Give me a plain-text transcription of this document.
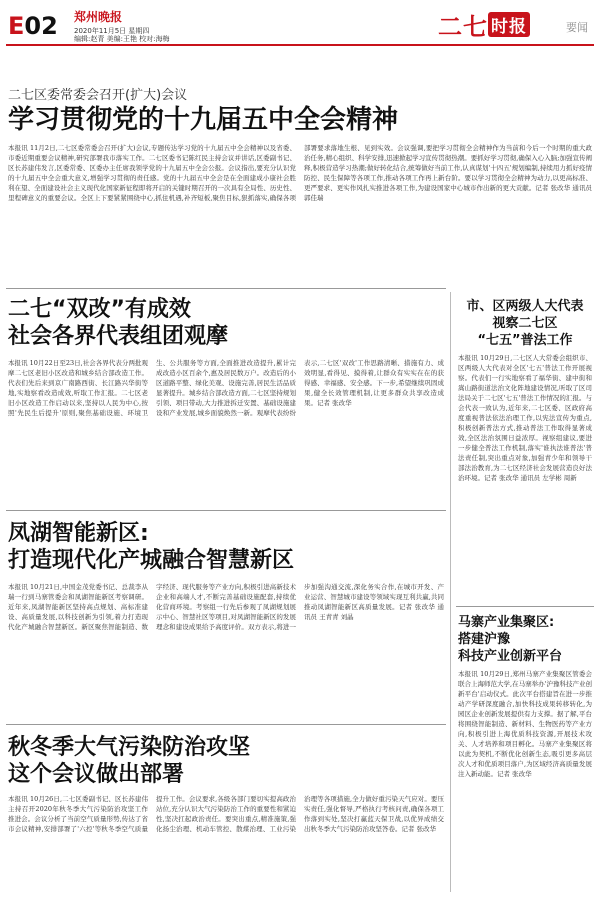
E02 郑州晚报
2020年11月5日 星期四
编辑:赵青 美编:王艳 校对:海梅	二七 时报	要闻
二七区委常委会召开(扩大)会议
学习贯彻党的十九届五中全会精神
本报讯 11月2日,二七区委常委会召开(扩大)会议,专题传达学习党的十九届五中全会精神以及省委、市委近期重要会议精神,研究部署我市落实工作。二七区委书记陈红民主持会议并讲话,区委副书记、区长苏建伟发言,区委常委、区委办主任席我领学党的十九届五中全会公报。会议指出,要充分认识党的十九届五中全会重大意义,增强学习贯彻的责任感。党的十九届五中全会是在全面建成小康社会胜利在望、全面建设社会主义现代化国家新征程即将开启的关键时期召开的一次具有全局性、历史性、里程碑意义的重要会议。全区上下要紧紧围绕中心,抓住机遇,补齐短板,聚焦目标,狠抓落实,确保各项部署要求落地生根、见到实效。会议强调,要把学习贯彻全会精神作为当前和今后一个时期的重大政治任务,精心组织、科学安排,迅速掀起学习宣传贯彻热潮。要抓好学习贯彻,确保入心入脑;加强宣传阐释,积极营造学习热潮;做好转化结合,统筹做好当前工作,认真谋划'十四五'规划编制,持续用力抓好疫情防控、民生保障等各项工作,推动各项工作再上新台阶。要以学习贯彻全会精神为动力,以更高标准、更严要求、更实作风扎实推进各项工作,为建设国家中心城市作出新的更大贡献。记者 张改华 通讯员 郭佳瑞
二七“双改”有成效
社会各界代表组团观摩
本报讯 10月22日至23日,社会各界代表分两批观摩二七区老旧小区改造和城乡结合部改造工作。代表们先后来到京广南路西街、长江路兴华街等地,实地察看改造成效,听取工作汇报。二七区老旧小区改造工作启动以来,坚持以人民为中心,按照'先民生后提升'原则,聚焦基础设施、环境卫生、公共服务等方面,全面推进改造提升,累计完成改造小区百余个,惠及居民数万户。改造后的小区道路平整、绿化美观、设施完善,居民生活品质显著提升。城乡结合部改造方面,二七区坚持规划引领、项目带动,大力推进拆迁安置、基础设施建设和产业发展,城乡面貌焕然一新。观摩代表纷纷表示,二七区'双改'工作思路清晰、措施有力、成效明显,看得见、摸得着,让群众有实实在在的获得感、幸福感、安全感。下一步,希望继续巩固成果,健全长效管理机制,让更多群众共享改造成果。记者 张改华
凤湖智能新区:
打造现代化产城融合智慧新区
本报讯 10月21日,中国金茂党委书记、总裁李从瑞一行到马寨管委会和凤湖智能新区考察调研。近年来,凤湖智能新区坚持高点规划、高标准建设、高质量发展,以科技创新为引领,着力打造现代化产城融合智慧新区。新区聚焦智能制造、数字经济、现代服务等产业方向,积极引进高新技术企业和高端人才,不断完善基础设施配套,持续优化营商环境。考察组一行先后参观了凤湖规划展示中心、智慧社区等项目,对凤湖智能新区的发展理念和建设成果给予高度评价。双方表示,将进一步加强沟通交流,深化务实合作,在城市开发、产业运营、智慧城市建设等领域实现互利共赢,共同推动凤湖智能新区高质量发展。记者 张改华 通讯员 王青青 刘晶
秋冬季大气污染防治攻坚
这个会议做出部署
本报讯 10月26日,二七区委副书记、区长苏建伟主持召开2020年秋冬季大气污染防治攻坚工作推进会。会议分析了当前空气质量形势,传达了省市会议精神,安排部署了'六控'等秋冬季空气质量提升工作。会议要求,各级各部门要切实提高政治站位,充分认识大气污染防治工作的重要性和紧迫性,坚决扛起政治责任。要突出重点,精准施策,强化扬尘治理、机动车管控、散煤治理、工业污染治理等各项措施,全力做好重污染天气应对。要压实责任,强化督导,严格执行考核问责,确保各项工作落到实处,坚决打赢蓝天保卫战,以优异成绩交出秋冬季大气污染防治攻坚答卷。记者 张改华
市、区两级人大代表
视察二七区
“七五”普法工作
本报讯 10月29日,二七区人大常委会组织市、区两级人大代表对全区'七五'普法工作开展视察。代表们一行实地察看了福华街、建中街和嵩山路街道法治文化阵地建设情况,听取了区司法局关于二七区'七五'普法工作情况的汇报。与会代表一致认为,近年来,二七区委、区政府高度重视普法依法治理工作,以宪法宣传为重点,积极创新普法方式,推动普法工作取得显著成效,全区法治氛围日益浓厚。视察组建议,要进一步健全普法工作机制,落实'谁执法谁普法'普法责任制,突出重点对象,加强青少年和领导干部法治教育,为二七区经济社会发展营造良好法治环境。记者 张改华 通讯员 左学彬 周新
马寨产业集聚区:
搭建沪豫
科技产业创新平台
本报讯 10月29日,郑州马寨产业集聚区管委会联合上海师范大学,在马寨举办'沪豫科技产业创新平台'启动仪式。此次平台搭建旨在进一步推动产学研深度融合,加快科技成果转移转化,为园区企业创新发展提供有力支撑。据了解,平台将围绕智能制造、新材料、生物医药等产业方向,积极引进上海优质科技资源,开展技术攻关、人才培养和项目孵化。马寨产业集聚区将以此为契机,不断优化创新生态,吸引更多高层次人才和优质项目落户,为区域经济高质量发展注入新动能。记者 张改华
